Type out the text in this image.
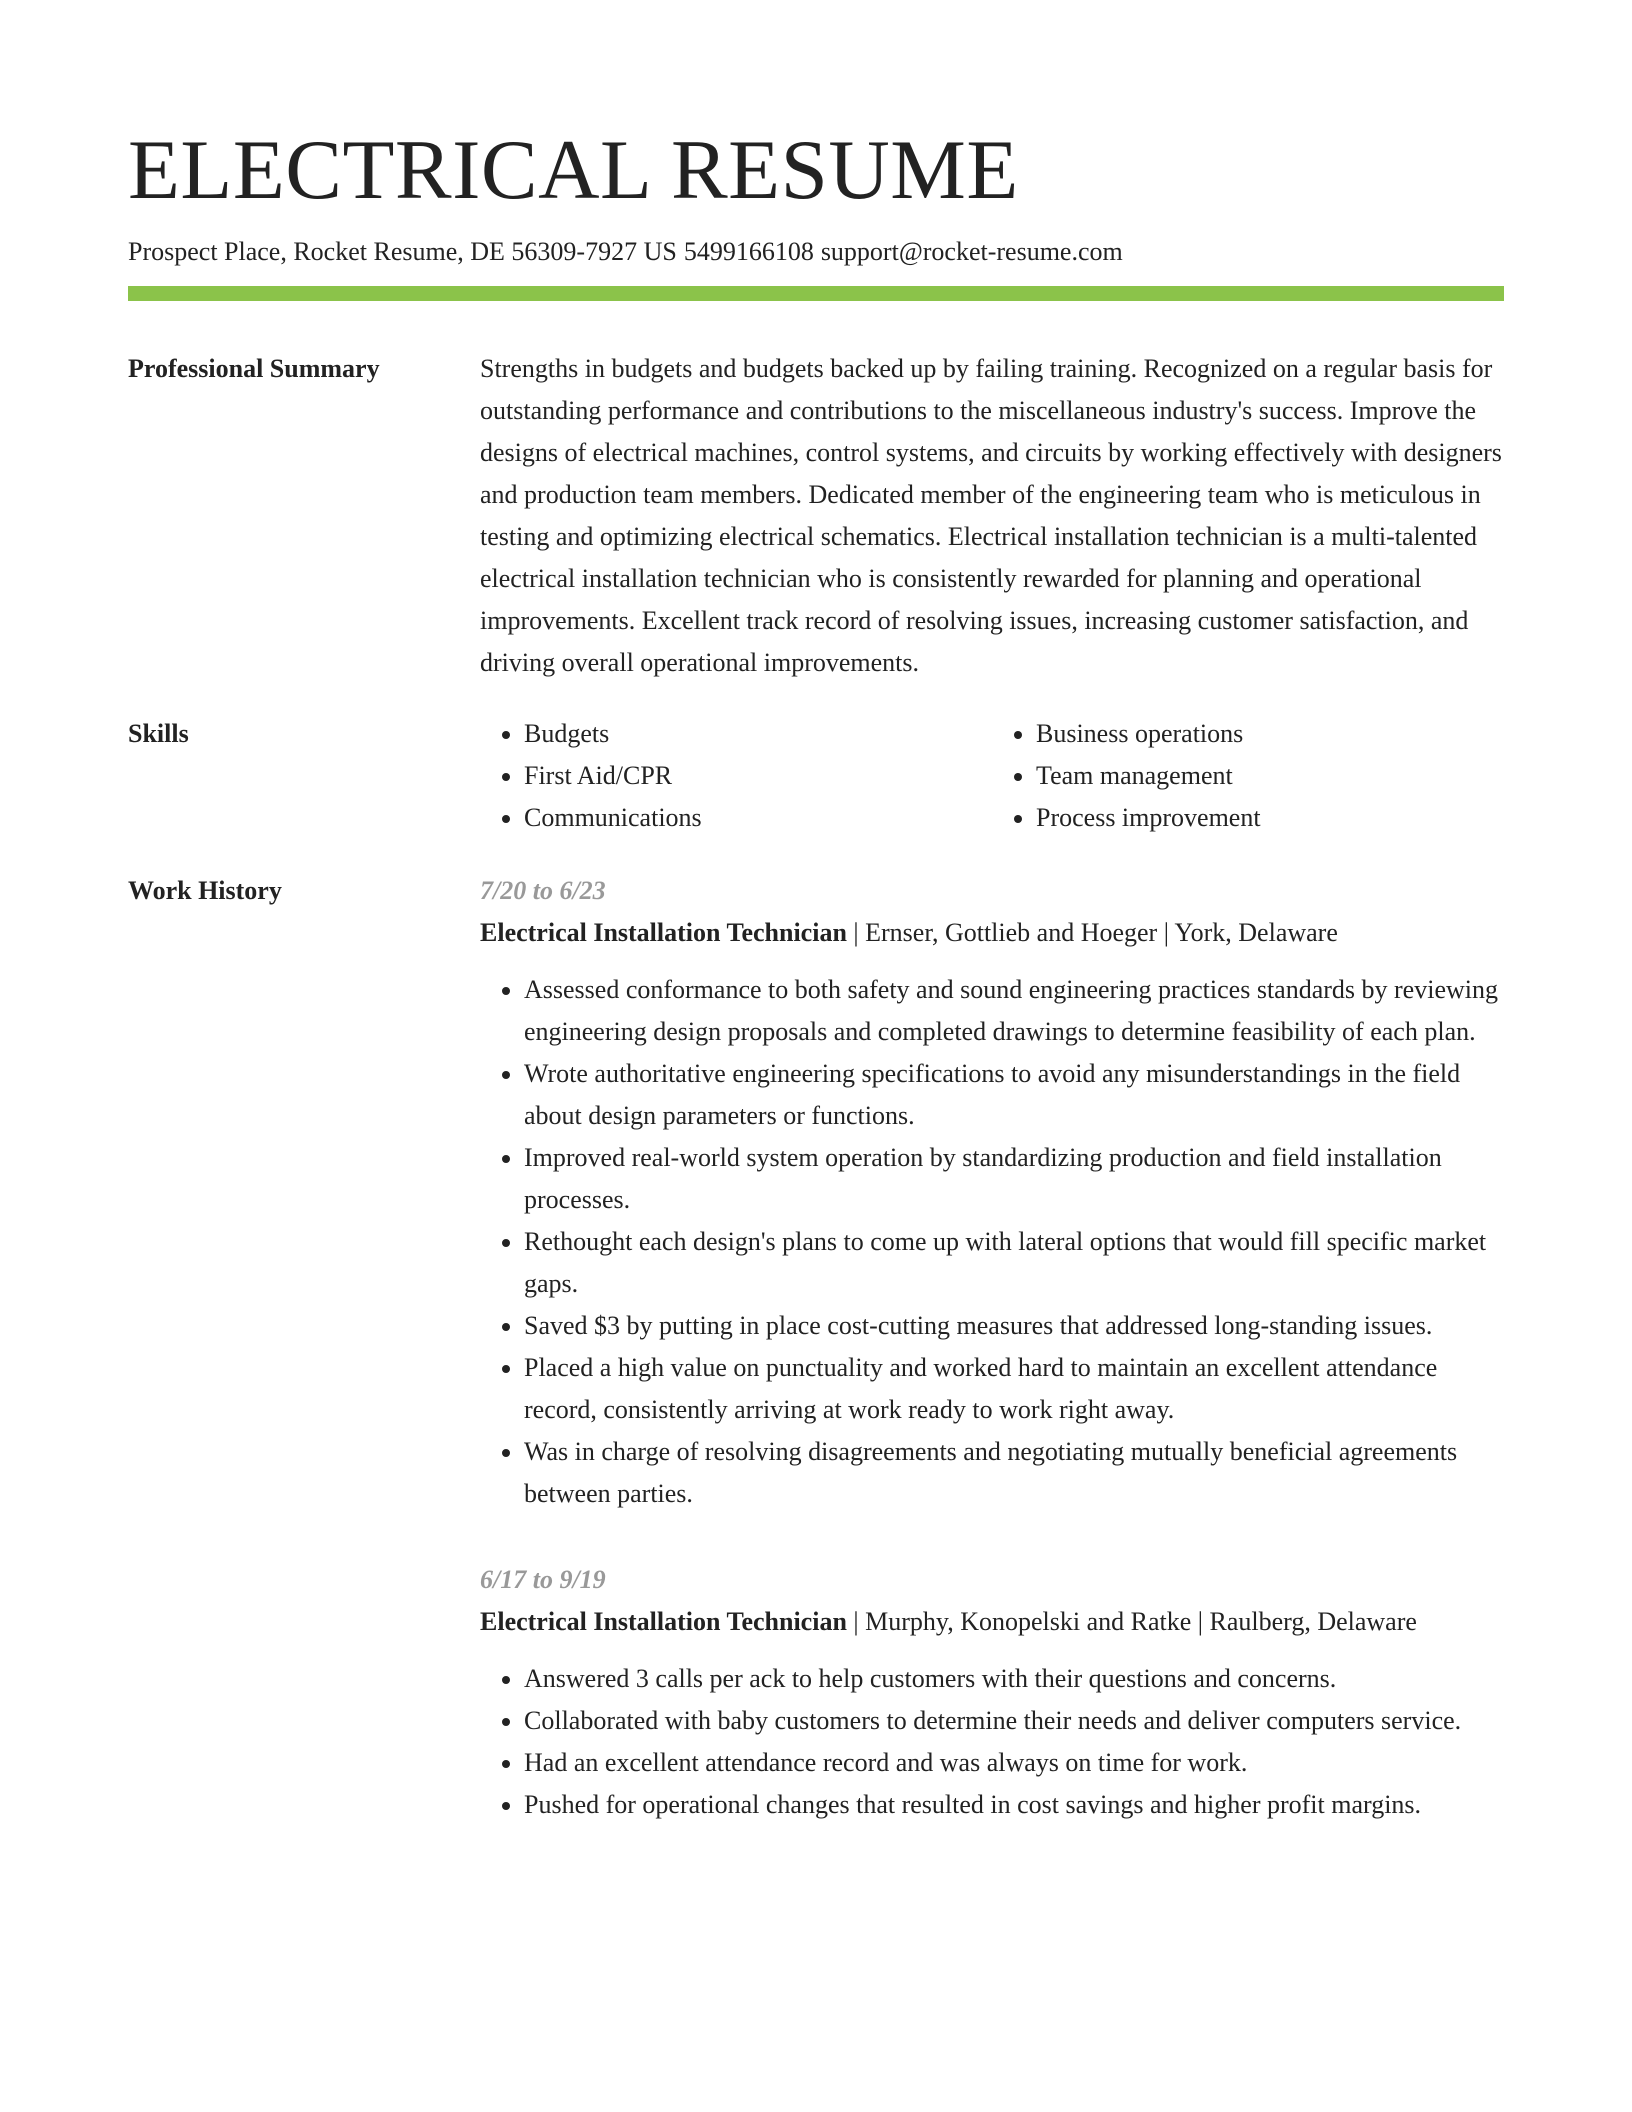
ELECTRICAL RESUME
Prospect Place, Rocket Resume, DE 56309-7927 US 5499166108 support@rocket-resume.com
Professional Summary	Strengths in budgets and budgets backed up by failing training. Recognized on a regular basis for outstanding performance and contributions to the miscellaneous industry's success. Improve the designs of electrical machines, control systems, and circuits by working effectively with designers and production team members. Dedicated member of the engineering team who is meticulous in testing and optimizing electrical schematics. Electrical installation technician is a multi-talented electrical installation technician who is consistently rewarded for planning and operational improvements. Excellent track record of resolving issues, increasing customer satisfaction, and driving overall operational improvements.

Skills
•	Budgets
• First Aid/CPR
• Communications
• Business operations
• Team management
• Process improvement
Work History	7/20 to 6/23
Electrical Installation Technician | Ernser, Gottlieb and Hoeger | York, Delaware
• Assessed conformance to both safety and sound engineering practices standards by reviewing engineering design proposals and completed drawings to determine feasibility of each plan.
• Wrote authoritative engineering specifications to avoid any misunderstandings in the field about design parameters or functions.
• Improved real-world system operation by standardizing production and field installation processes.
• Rethought each design's plans to come up with lateral options that would fill specific market gaps.
• Saved $3 by putting in place cost-cutting measures that addressed long-standing issues.
• Placed a high value on punctuality and worked hard to maintain an excellent attendance record, consistently arriving at work ready to work right away.
• Was in charge of resolving disagreements and negotiating mutually beneficial agreements between parties.
6/17 to 9/19
Electrical Installation Technician | Murphy, Konopelski and Ratke | Raulberg, Delaware
• Answered 3 calls per ack to help customers with their questions and concerns.
• Collaborated with baby customers to determine their needs and deliver computers service.
• Had an excellent attendance record and was always on time for work.
• Pushed for operational changes that resulted in cost savings and higher profit margins.
